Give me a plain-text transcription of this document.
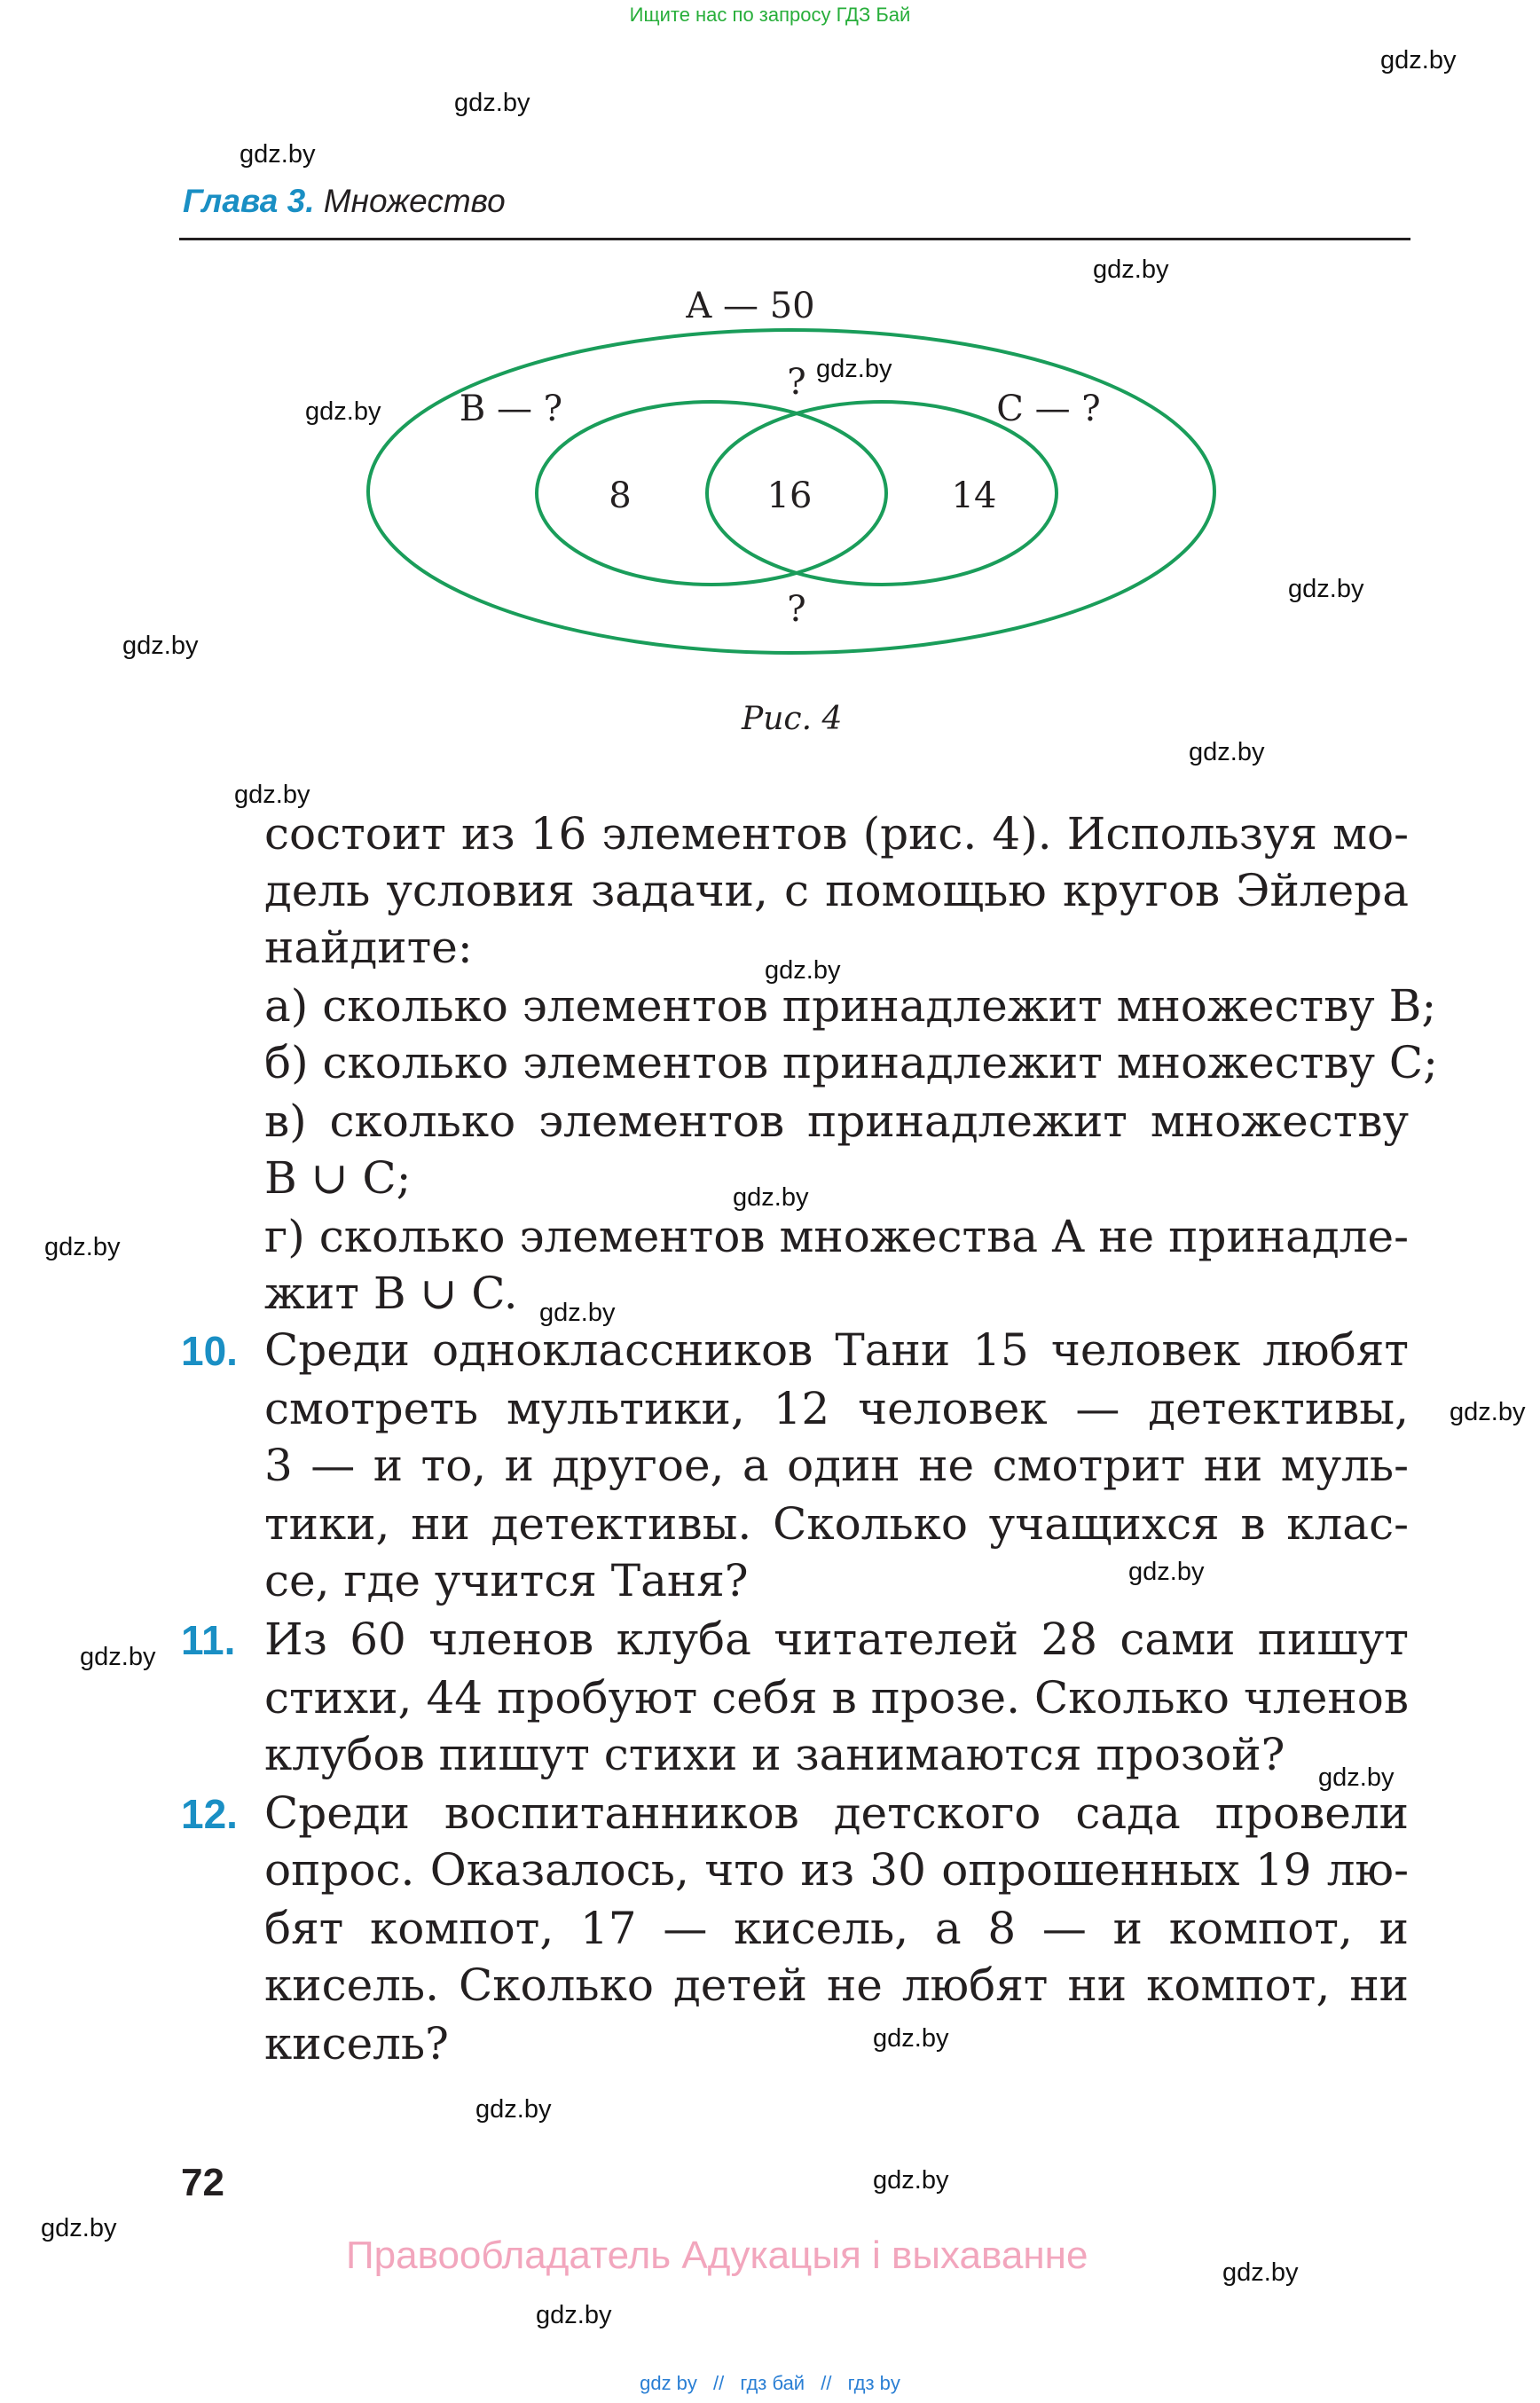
Ищите нас по запросу ГДЗ Бай
gdz.by
gdz.by
gdz.by
gdz.by
gdz.by
gdz.by
gdz.by
gdz.by
gdz.by
gdz.by
gdz.by
gdz.by
gdz.by
gdz.by
gdz.by
gdz.by
gdz.by
gdz.by
gdz.by
gdz.by
gdz.by
gdz.by
gdz.by
gdz.by
Глава 3. Множество
A — 50
B — ?	C — ?
8	16	14
?
?
Рис. 4
состоит из 16 элементов (рис. 4). Используя мо-
дель условия задачи, с помощью кругов Эйлера
найдите:
а) сколько элементов принадлежит множеству B;
б) сколько элементов принадлежит множеству C;
в) сколько элементов принадлежит множеству
B ∪ C;
г) сколько элементов множества A не принадле-
жит B ∪ C.
10. Среди одноклассников Тани 15 человек любят
смотреть мультики, 12 человек — детективы,
3 — и то, и другое, а один не смотрит ни муль-
тики, ни детективы. Сколько учащихся в клас-
се, где учится Таня?
11. Из 60 членов клуба читателей 28 сами пишут
стихи, 44 пробуют себя в прозе. Сколько членов
клубов пишут стихи и занимаются прозой?
12. Среди воспитанников детского сада провели
опрос. Оказалось, что из 30 опрошенных 19 лю-
бят компот, 17 — кисель, а 8 — и компот, и
кисель. Сколько детей не любят ни компот, ни
кисель?
72
Правообладатель Адукацыя і выхаванне
gdz by // гдз бай // гдз by
